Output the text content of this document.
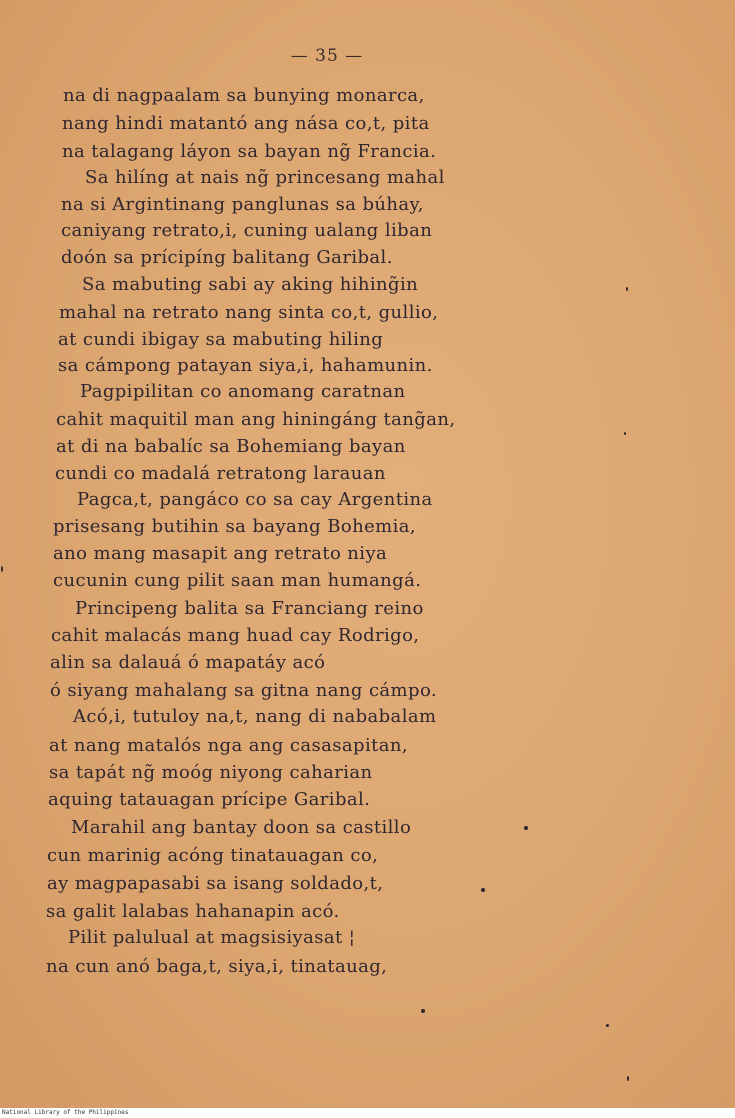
— 35 —
na di nagpaalam sa bunying monarca,
nang hindi matantó ang nása co,t, pita
na talagang láyon sa bayan ng̃ Francia.
Sa hilíng at nais ng̃ princesang mahal
na si Argintinang panglunas sa búhay,
caniyang retrato,i, cuning ualang liban
doón sa prícipíng balitang Garibal.
Sa mabuting sabi ay aking hihing̃in
mahal na retrato nang sinta co,t, gullio,
at cundi ibigay sa mabuting hiling
sa cámpong patayan siya,i, hahamunin.
Pagpipilitan co anomang caratnan
cahit maquitil man ang hiningáng tang̃an,
at di na babalíc sa Bohemiang bayan
cundi co madalá retratong larauan
Pagca,t, pangáco co sa cay Argentina
prisesang butihin sa bayang Bohemia,
ano mang masapit ang retrato niya
cucunin cung pilit saan man humangá.
Principeng balita sa Franciang reino
cahit malacás mang huad cay Rodrigo,
alin sa dalauá ó mapatáy acó
ó siyang mahalang sa gitna nang cámpo.
Acó,i, tutuloy na,t, nang di nababalam
at nang matalós nga ang casasapitan,
sa tapát ng̃ moóg niyong caharian
aquing tatauagan prícipe Garibal.
Marahil ang bantay doon sa castillo
cun marinig acóng tinatauagan co,
ay magpapasabi sa isang soldado,t,
sa galit lalabas hahanapin acó.
Pilit palulual at magsisiyasat ¦
na cun anó baga,t, siya,i, tinatauag,
National Library of the Philippines
